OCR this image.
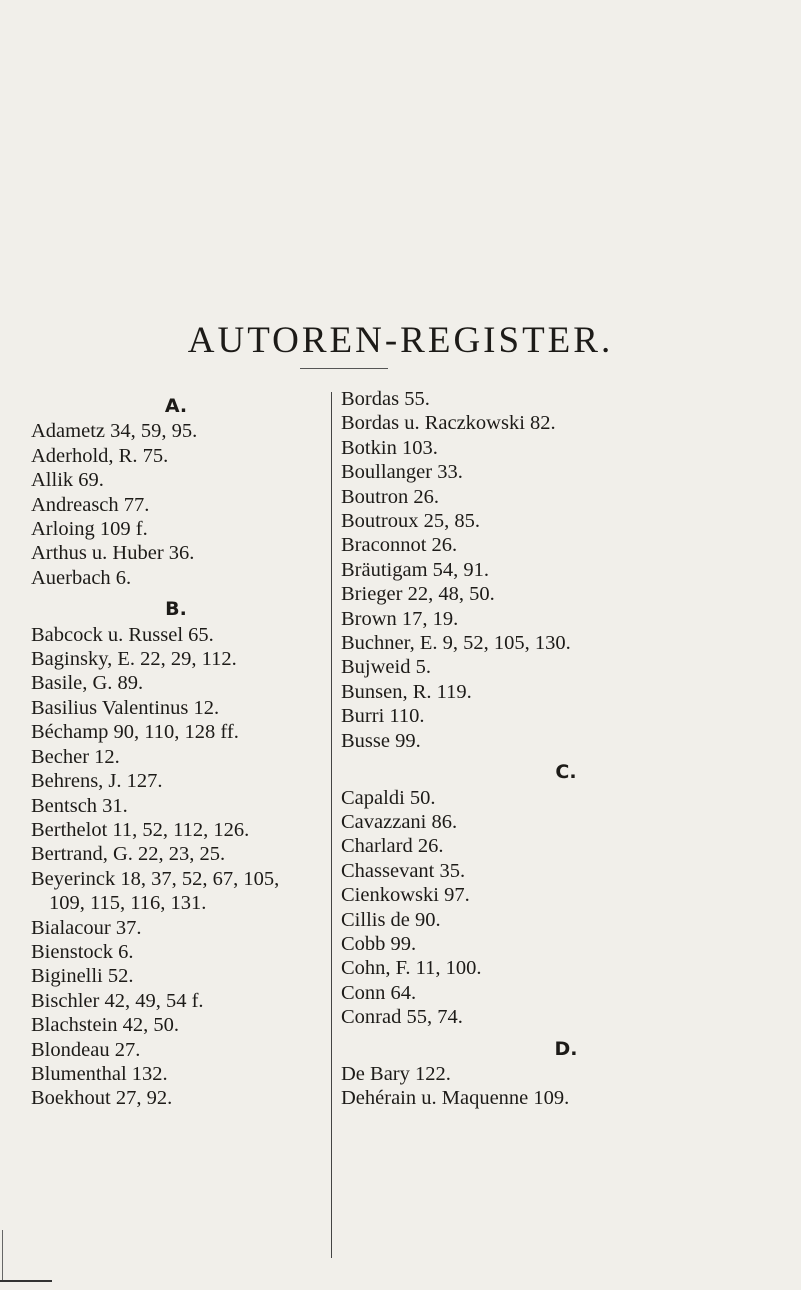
AUTOREN-REGISTER.
A.
Adametz 34, 59, 95.
Aderhold, R. 75.
Allik 69.
Andreasch 77.
Arloing 109 f.
Arthus u. Huber 36.
Auerbach 6.
B.
Babcock u. Russel 65.
Baginsky, E. 22, 29, 112.
Basile, G. 89.
Basilius Valentinus 12.
Béchamp 90, 110, 128 ff.
Becher 12.
Behrens, J. 127.
Bentsch 31.
Berthelot 11, 52, 112, 126.
Bertrand, G. 22, 23, 25.
Beyerinck 18, 37, 52, 67, 105,
109, 115, 116, 131.
Bialacour 37.
Bienstock 6.
Biginelli 52.
Bischler 42, 49, 54 f.
Blachstein 42, 50.
Blondeau 27.
Blumenthal 132.
Boekhout 27, 92.
Bordas 55.
Bordas u. Raczkowski 82.
Botkin 103.
Boullanger 33.
Boutron 26.
Boutroux 25, 85.
Braconnot 26.
Bräutigam 54, 91.
Brieger 22, 48, 50.
Brown 17, 19.
Buchner, E. 9, 52, 105, 130.
Bujweid 5.
Bunsen, R. 119.
Burri 110.
Busse 99.
C.
Capaldi 50.
Cavazzani 86.
Charlard 26.
Chassevant 35.
Cienkowski 97.
Cillis de 90.
Cobb 99.
Cohn, F. 11, 100.
Conn 64.
Conrad 55, 74.
D.
De Bary 122.
Dehérain u. Maquenne 109.
